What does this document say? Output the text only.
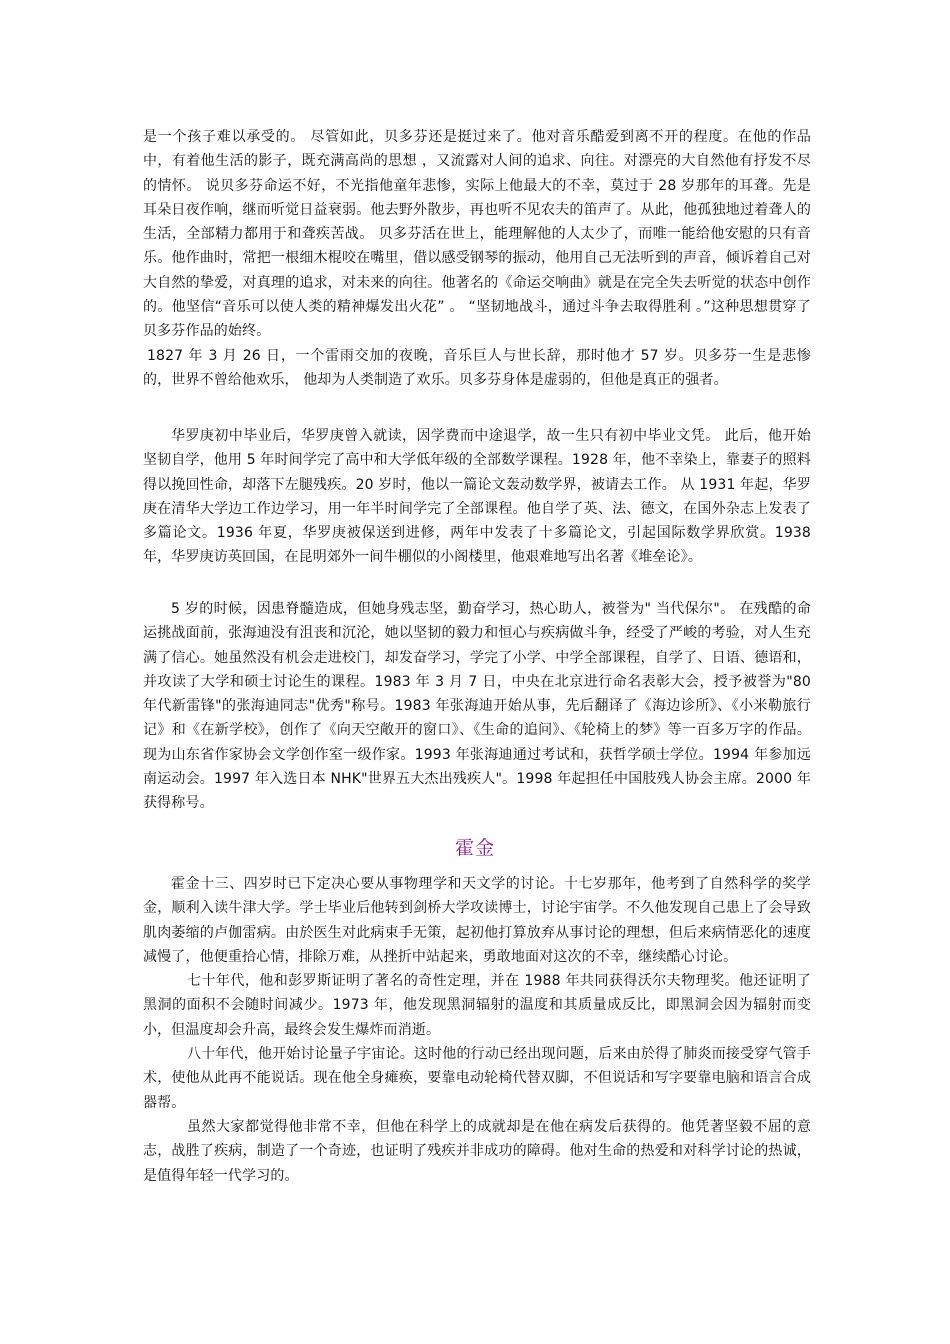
是一个孩子难以承受的。 尽管如此，贝多芬还是挺过来了。他对音乐酷爱到离不开的程度。在他的作品中，有着他生活的影子，既充满高尚的思想 ，又流露对人间的追求、向往。对漂亮的大自然他有抒发不尽的情怀。 说贝多芬命运不好，不光指他童年悲惨，实际上他最大的不幸，莫过于 28 岁那年的耳聋。先是耳朵日夜作响，继而听觉日益衰弱。他去野外散步，再也听不见农夫的笛声了。从此，他孤独地过着聋人的生活，全部精力都用于和聋疾苦战。 贝多芬活在世上，能理解他的人太少了，而唯一能给他安慰的只有音乐。他作曲时，常把一根细木棍咬在嘴里，借以感受钢琴的振动，他用自己无法听到的声音，倾诉着自己对大自然的挚爱，对真理的追求，对未来的向往。他著名的《命运交响曲》就是在完全失去听觉的状态中创作的。他坚信“音乐可以使人类的精神爆发出火花” 。 “坚韧地战斗，通过斗争去取得胜利 。”这种思想贯穿了贝多芬作品的始终。

1827 年 3 月 26 日，一个雷雨交加的夜晚，音乐巨人与世长辞，那时他才 57 岁。贝多芬一生是悲惨的，世界不曾给他欢乐， 他却为人类制造了欢乐。贝多芬身体是虚弱的，但他是真正的强者。

华罗庚初中毕业后，华罗庚曾入就读，因学费而中途退学，故一生只有初中毕业文凭。 此后，他开始坚韧自学，他用 5 年时间学完了高中和大学低年级的全部数学课程。1928 年，他不幸染上，靠妻子的照料得以挽回性命，却落下左腿残疾。20 岁时，他以一篇论文轰动数学界，被请去工作。 从 1931 年起，华罗庚在清华大学边工作边学习，用一年半时间学完了全部课程。他自学了英、法、德文，在国外杂志上发表了多篇论文。1936 年夏，华罗庚被保送到进修，两年中发表了十多篇论文，引起国际数学界欣赏。1938 年，华罗庚访英回国，在昆明郊外一间牛棚似的小阁楼里，他艰难地写出名著《堆垒论》。

5 岁的时候，因患脊髓造成，但她身残志坚，勤奋学习，热心助人，被誉为" 当代保尔"。 在残酷的命运挑战面前，张海迪没有沮丧和沉沦，她以坚韧的毅力和恒心与疾病做斗争，经受了严峻的考验，对人生充满了信心。她虽然没有机会走进校门，却发奋学习，学完了小学、中学全部课程，自学了、日语、德语和，并攻读了大学和硕士讨论生的课程。1983 年 3 月 7 日，中央在北京进行命名表彰大会，授予被誉为"80 年代新雷锋"的张海迪同志"优秀"称号。1983 年张海迪开始从事，先后翻译了《海边诊所》、《小米勒旅行记》和《在新学校》，创作了《向天空敞开的窗口》、《生命的追问》、《轮椅上的梦》等一百多万字的作品。现为山东省作家协会文学创作室一级作家。1993 年张海迪通过考试和，获哲学硕士学位。1994 年参加远南运动会。1997 年入选日本 NHK"世界五大杰出残疾人"。1998 年起担任中国肢残人协会主席。2000 年获得称号。

霍金

霍金十三、四岁时已下定决心要从事物理学和天文学的讨论。十七岁那年，他考到了自然科学的奖学金，顺利入读牛津大学。学士毕业后他转到剑桥大学攻读博士，讨论宇宙学。不久他发现自己患上了会导致肌肉萎缩的卢伽雷病。由於医生对此病束手无策，起初他打算放弃从事讨论的理想，但后来病情恶化的速度减慢了，他便重拾心情，排除万难，从挫折中站起来，勇敢地面对这次的不幸，继续酷心讨论。

七十年代，他和彭罗斯证明了著名的奇性定理，并在 1988 年共同获得沃尔夫物理奖。他还证明了黑洞的面积不会随时间减少。1973 年，他发现黑洞辐射的温度和其质量成反比，即黑洞会因为辐射而变小，但温度却会升高，最终会发生爆炸而消逝。

八十年代，他开始讨论量子宇宙论。这时他的行动已经出现问题，后来由於得了肺炎而接受穿气管手术，使他从此再不能说话。现在他全身瘫痪，要靠电动轮椅代替双脚，不但说话和写字要靠电脑和语言合成器帮。

虽然大家都觉得他非常不幸，但他在科学上的成就却是在他在病发后获得的。他凭著坚毅不屈的意志，战胜了疾病，制造了一个奇迹，也证明了残疾并非成功的障碍。他对生命的热爱和对科学讨论的热诚，是值得年轻一代学习的。
